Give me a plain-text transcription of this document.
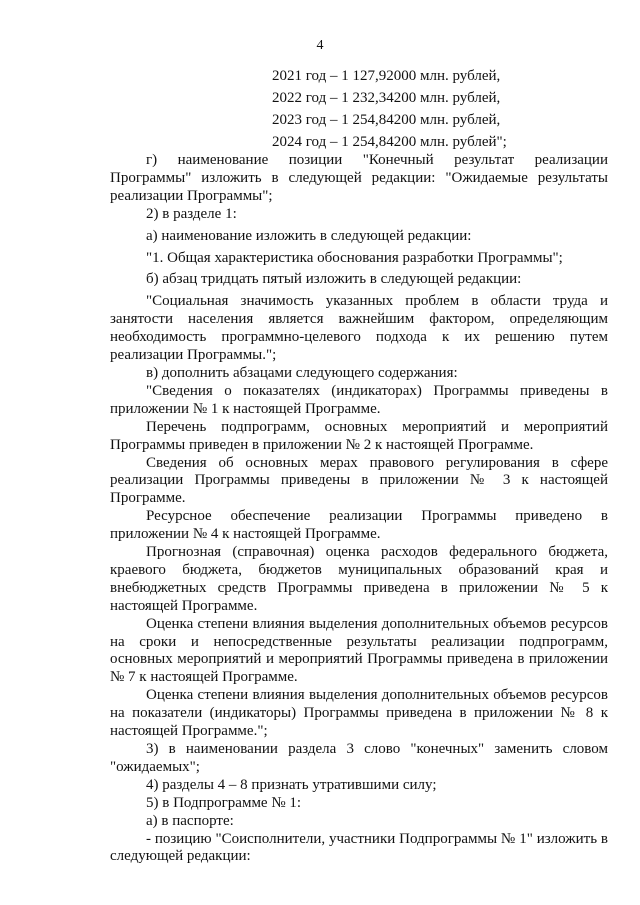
4
2021 год – 1 127,92000 млн. рублей,
2022 год – 1 232,34200 млн. рублей,
2023 год – 1 254,84200 млн. рублей,
2024 год – 1 254,84200 млн. рублей";

г) наименование позиции "Конечный результат реализации Программы" изложить в следующей редакции: "Ожидаемые результаты реализации Программы";

2) в разделе 1:

а) наименование изложить в следующей редакции:

"1. Общая характеристика обоснования разработки Программы";

б) абзац тридцать пятый изложить в следующей редакции:

"Социальная значимость указанных проблем в области труда и занятости населения является важнейшим фактором, определяющим необходимость программно-целевого подхода к их решению путем реализации Программы.";

в) дополнить абзацами следующего содержания:

"Сведения о показателях (индикаторах) Программы приведены в приложении № 1 к настоящей Программе.

Перечень подпрограмм, основных мероприятий и мероприятий Программы приведен в приложении № 2 к настоящей Программе.

Сведения об основных мерах правового регулирования в сфере реализации Программы приведены в приложении № 3 к настоящей Программе.

Ресурсное обеспечение реализации Программы приведено в приложении № 4 к настоящей Программе.

Прогнозная (справочная) оценка расходов федерального бюджета, краевого бюджета, бюджетов муниципальных образований края и внебюджетных средств Программы приведена в приложении № 5 к настоящей Программе.

Оценка степени влияния выделения дополнительных объемов ресурсов на сроки и непосредственные результаты реализации подпрограмм, основных мероприятий и мероприятий Программы приведена в приложении № 7 к настоящей Программе.

Оценка степени влияния выделения дополнительных объемов ресурсов на показатели (индикаторы) Программы приведена в приложении № 8 к настоящей Программе.";

3) в наименовании раздела 3 слово "конечных" заменить словом "ожидаемых";

4) разделы 4 – 8 признать утратившими силу;

5) в Подпрограмме № 1:

а) в паспорте:

- позицию "Соисполнители, участники Подпрограммы № 1" изложить в следующей редакции:
